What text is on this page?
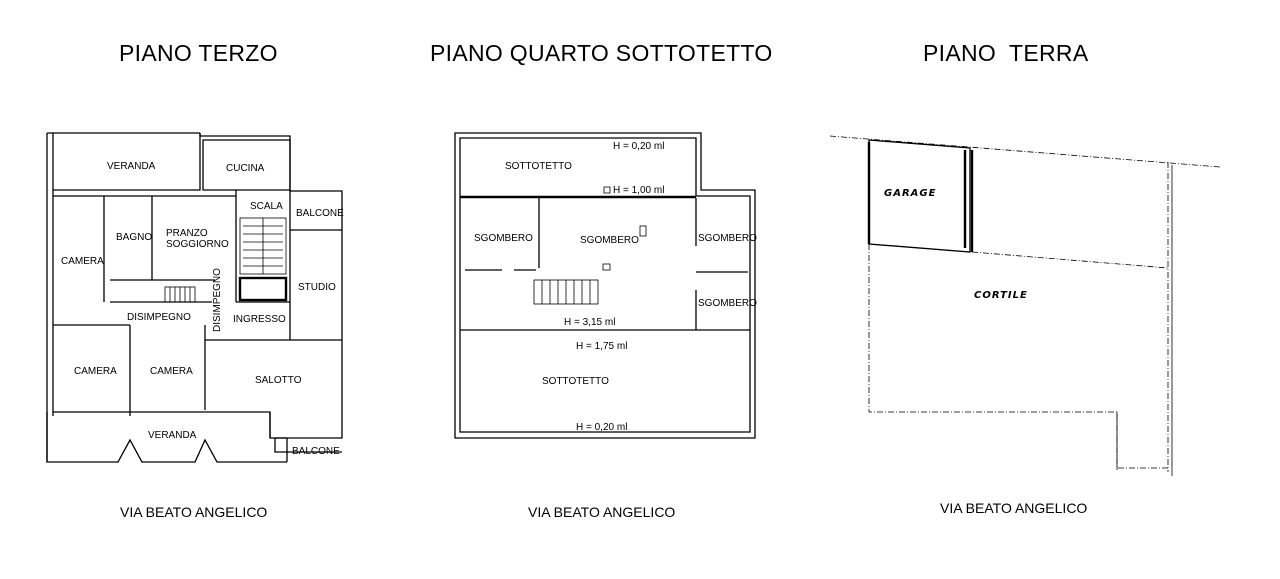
PIANO TERZO	PIANO QUARTO SOTTOTETTO	PIANO  TERRA
VIA BEATO ANGELICO	VIA BEATO ANGELICO	VIA BEATO ANGELICO
VERANDA	CUCINA
SCALA
BALCONE
BAGNO PRANZO
SOGGIORNO
CAMERA
STUDIO
DISIMPEGNO
DISIMPEGNO	INGRESSO
CAMERA	CAMERA
SALOTTO
VERANDA
BALCONE
H = 0,20 ml
SOTTOTETTO
H = 1,00 ml
SGOMBERO	SGOMBERO	SGOMBERO
SGOMBERO
H = 3,15 ml
H = 1,75 ml
SOTTOTETTO
H = 0,20 ml
GARAGE
CORTILE
